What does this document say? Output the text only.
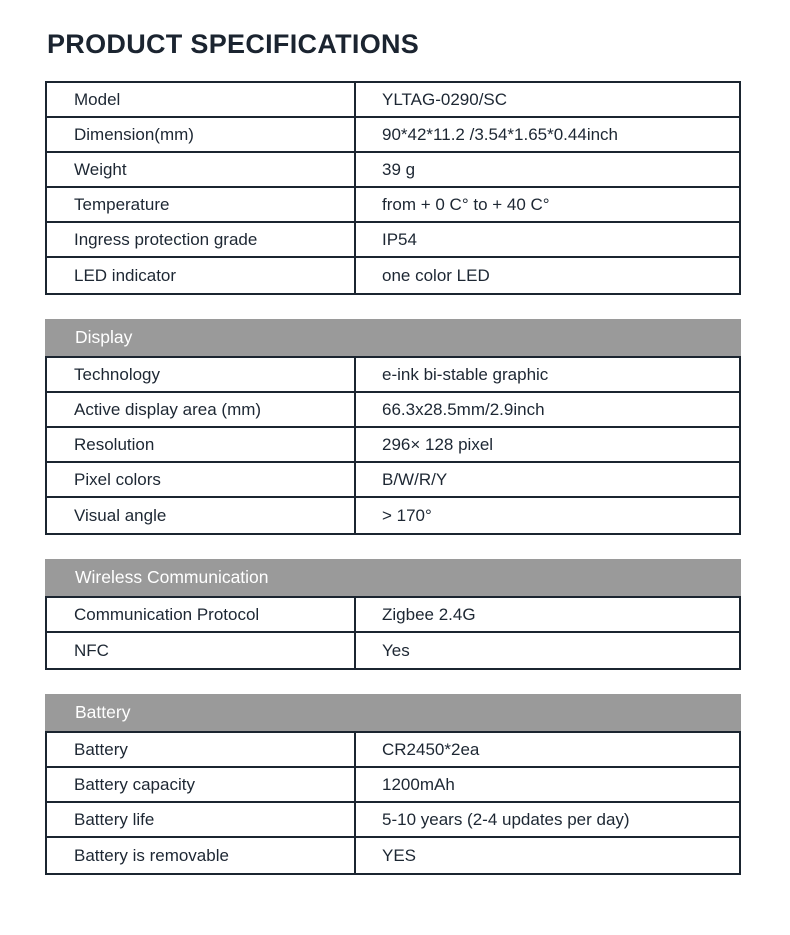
PRODUCT SPECIFICATIONS
Model	YLTAG-0290/SC
Dimension(mm)	90*42*11.2 /3.54*1.65*0.44inch
Weight	39 g
Temperature	from + 0 C° to + 40 C°
Ingress protection grade	IP54
LED indicator	one color LED
Display
Technology	e-ink bi-stable graphic
Active display area (mm)	66.3x28.5mm/2.9inch
Resolution	296× 128 pixel
Pixel colors	B/W/R/Y
Visual angle	> 170°
Wireless Communication
Communication Protocol	Zigbee 2.4G
NFC	Yes
Battery
Battery	CR2450*2ea
Battery capacity	1200mAh
Battery life	5-10 years (2-4 updates per day)
Battery is removable	YES
